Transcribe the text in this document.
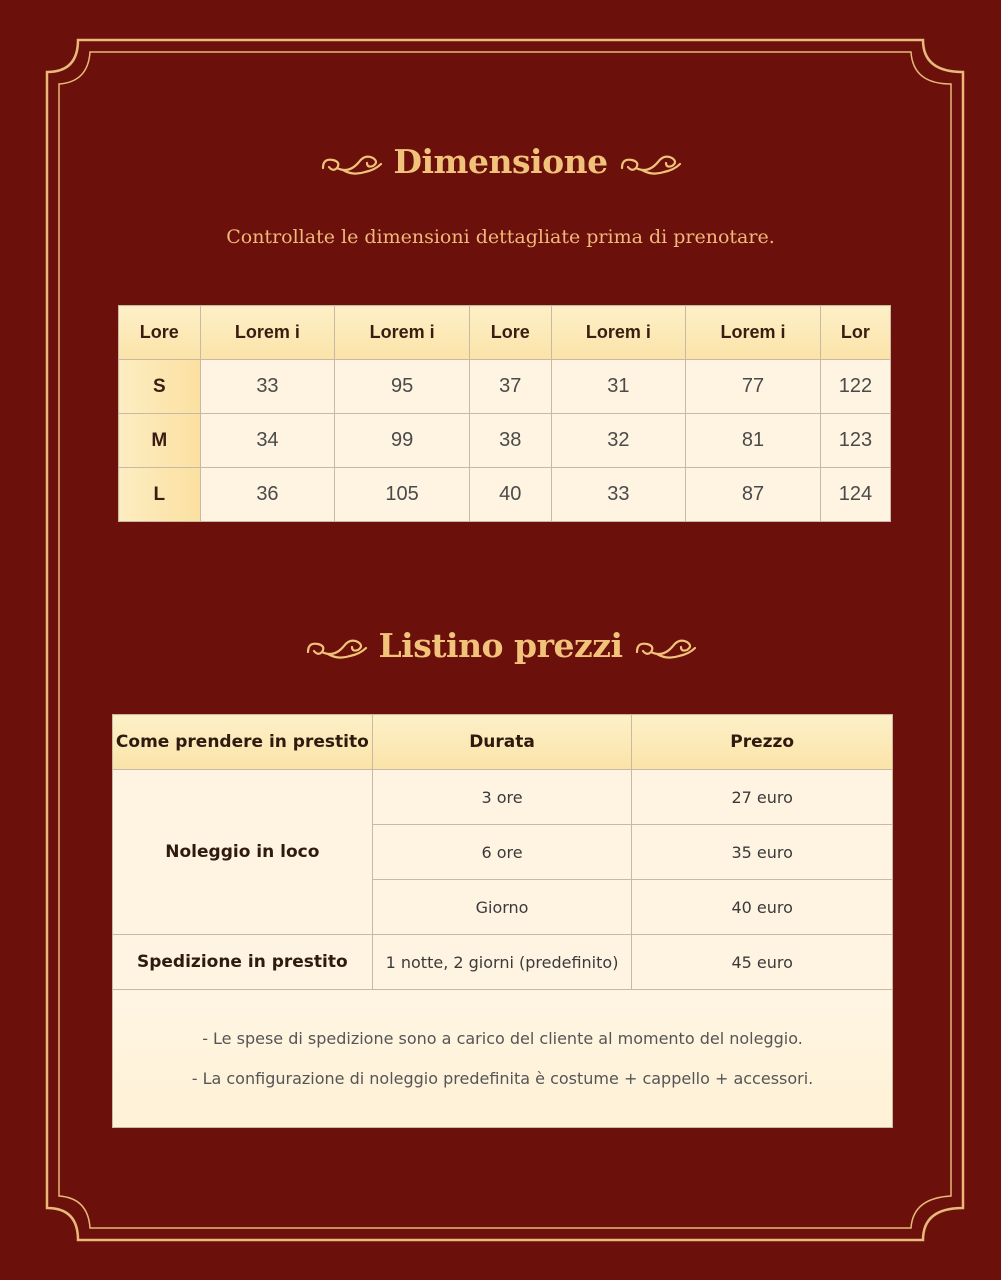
Dimensione
Controllate le dimensioni dettagliate prima di prenotare.
Lore	Lorem i	Lorem i	Lore	Lorem i	Lorem i	Lor
S	33	95	37	31	77	122
M	34	99	38	32	81	123
L	36	105	40	33	87	124
Listino prezzi
Come prendere in prestito	Durata	Prezzo
Noleggio in loco	3 ore	27 euro
	6 ore	35 euro
	Giorno	40 euro
Spedizione in prestito	1 notte, 2 giorni (predefinito)	45 euro

- Le spese di spedizione sono a carico del cliente al momento del noleggio.
- La configurazione di noleggio predefinita è costume + cappello + accessori.		
